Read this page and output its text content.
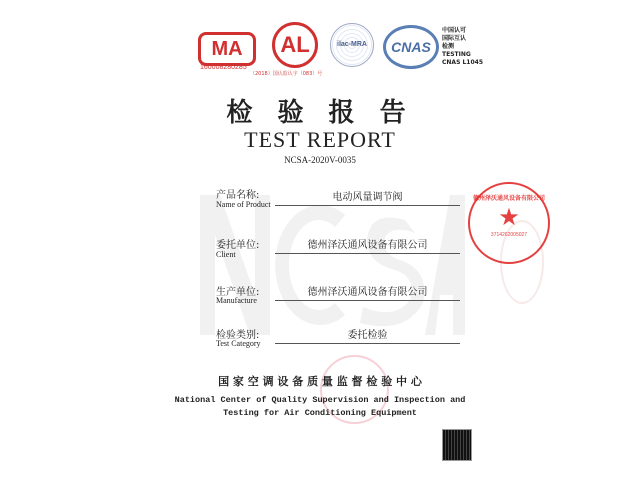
MA
160008280285
AL
（2018）国认监认字（083）号
ilac-MRA	CNAS
中国认可
国际互认
检测
TESTING
CNAS L1045
检 验 报 告
TEST REPORT
NCSA-2020V-0035
产品名称:
Name of Product
电动风量调节阀
委托单位:
Client
德州泽沃通风设备有限公司
生产单位:
Manufacture
德州泽沃通风设备有限公司
检验类别:
Test Category
委托检验
德州泽沃通风设备有限公司
★
3714262005027
国 家 空 调 设 备 质 量 监 督 检 验 中 心
National Center of Quality Supervision and Inspection and
Testing for Air Conditioning Equipment
